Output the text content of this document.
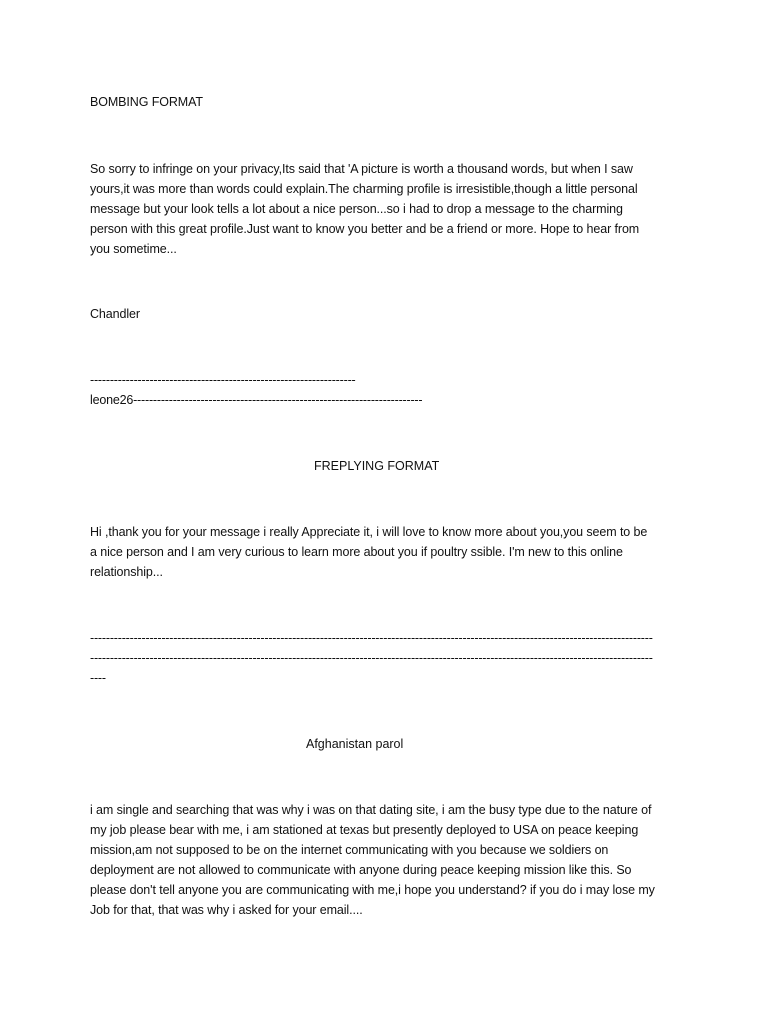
BOMBING FORMAT
So sorry to infringe on your privacy,Its said that 'A picture is worth a thousand words, but when I saw
yours,it was more than words could explain.The charming profile is irresistible,though a little personal
message but your look tells a lot about a nice person...so i had to drop a message to the charming
person with this great profile.Just want to know you better and be a friend or more. Hope to hear from
you sometime...
Chandler
-------------------------------------------------------------------
leone26-------------------------------------------------------------------------
FREPLYING FORMAT
Hi ,thank you for your message i really Appreciate it, i will love to know more about you,you seem to be
a nice person and I am very curious to learn more about you if poultry ssible. I'm new to this online
relationship...
----------------------------------------------------------------------------------------------------------------------------------------------
----------------------------------------------------------------------------------------------------------------------------------------------
----
Afghanistan parol
i am single and searching that was why i was on that dating site, i am the busy type due to the nature of
my job please bear with me, i am stationed at texas but presently deployed to USA on peace keeping
mission,am not supposed to be on the internet communicating with you because we soldiers on
deployment are not allowed to communicate with anyone during peace keeping mission like this. So
please don't tell anyone you are communicating with me,i hope you understand? if you do i may lose my
Job for that, that was why i asked for your email....
